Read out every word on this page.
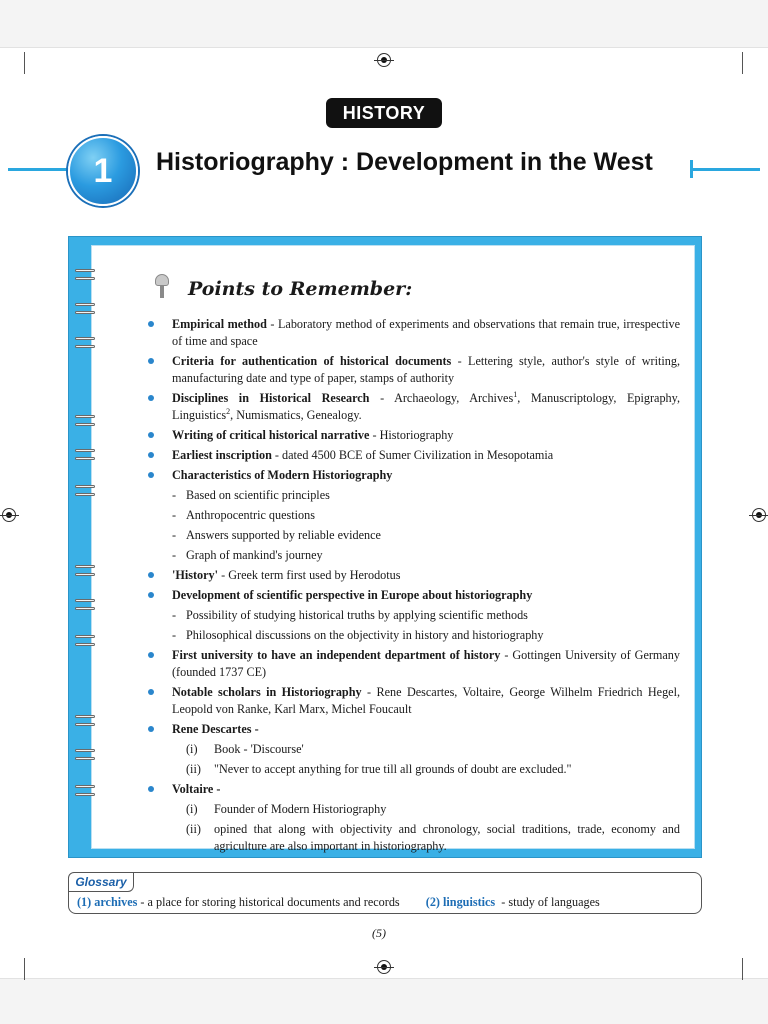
HISTORY
1	Historiography : Development in the West
Points to Remember:
Empirical method - Laboratory method of experiments and observations that remain true, irrespective of time and space
Criteria for authentication of historical documents - Lettering style, author's style of writing, manufacturing date and type of paper, stamps of authority
Disciplines in Historical Research - Archaeology, Archives$^1$, Manuscriptology, Epigraphy, Linguistics$^2$, Numismatics, Genealogy.
Writing of critical historical narrative - Historiography
Earliest inscription - dated 4500 BCE of Sumer Civilization in Mesopotamia
Characteristics of Modern Historiography
- Based on scientific principles
- Anthropocentric questions
- Answers supported by reliable evidence
- Graph of mankind's journey
'History' - Greek term first used by Herodotus
Development of scientific perspective in Europe about historiography
- Possibility of studying historical truths by applying scientific methods
- Philosophical discussions on the objectivity in history and historiography
First university to have an independent department of history - Gottingen University of Germany (founded 1737 CE)
Notable scholars in Historiography - Rene Descartes, Voltaire, George Wilhelm Friedrich Hegel, Leopold von Ranke, Karl Marx, Michel Foucault
Rene Descartes -
(i)	Book - 'Discourse'
(ii)	"Never to accept anything for true till all grounds of doubt are excluded."
Voltaire -
(i)	Founder of Modern Historiography
(ii)	opined that along with objectivity and chronology, social traditions, trade, economy and agriculture are also important in historiography.
Glossary
(1) archives - a place for storing historical documents and records (2) linguistics  - study of languages
(5)
